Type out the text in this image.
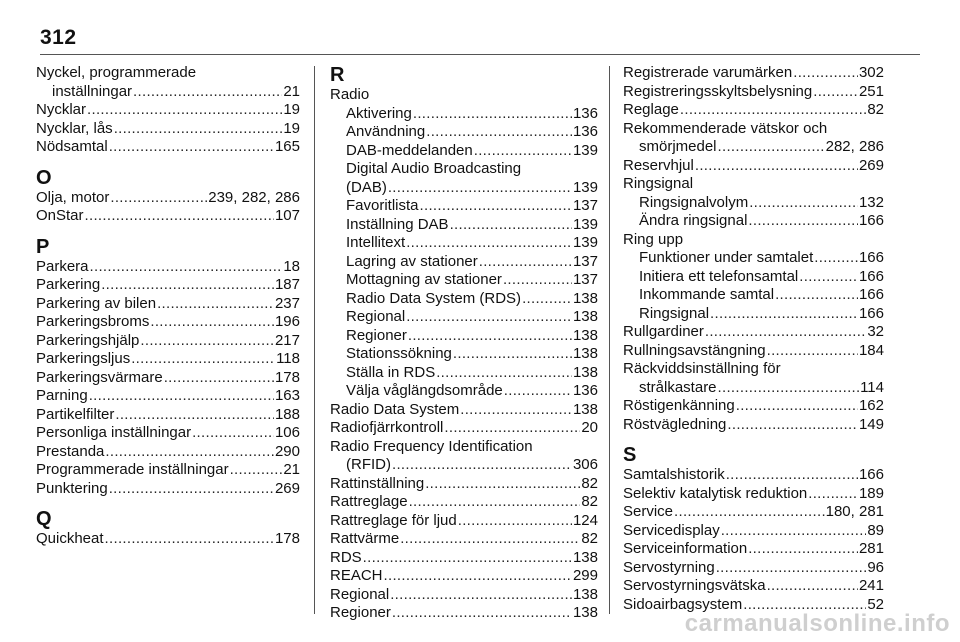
312
Nyckel, programmerade
inställningar .....	21
Nycklar .....	19
Nycklar, lås .....	19
Nödsamtal .....	165
O
Olja, motor .....	239, 282, 286
OnStar .....	107
P
Parkera .....	18
Parkering .....	187
Parkering av bilen .....	237
Parkeringsbroms .....	196
Parkeringshjälp .....	217
Parkeringsljus .....	118
Parkeringsvärmare .....	178
Parning .....	163
Partikelfilter .....	188
Personliga inställningar .....	106
Prestanda .....	290
Programmerade inställningar .....	21
Punktering .....	269
Q
Quickheat .....	178
R
Radio
Aktivering .....	136
Användning .....	136
DAB-meddelanden .....	139
Digital Audio Broadcasting
(DAB) .....	139
Favoritlista .....	137
Inställning DAB .....	139
Intellitext .....	139
Lagring av stationer .....	137
Mottagning av stationer .....	137
Radio Data System (RDS) .....	138
Regional .....	138
Regioner .....	138
Stationssökning .....	138
Ställa in RDS .....	138
Välja våglängdsområde .....	136
Radio Data System .....	138
Radiofjärrkontroll .....	20
Radio Frequency Identification
(RFID) .....	306
Rattinställning .....	82
Rattreglage .....	82
Rattreglage för ljud .....	124
Rattvärme .....	82
RDS .....	138
REACH .....	299
Regional .....	138
Regioner .....	138
Registrerade varumärken .....	302
Registreringsskyltsbelysning .....	251
Reglage .....	82
Rekommenderade vätskor och
smörjmedel .....	282, 286
Reservhjul .....	269
Ringsignal
Ringsignalvolym .....	132
Ändra ringsignal .....	166
Ring upp
Funktioner under samtalet .....	166
Initiera ett telefonsamtal .....	166
Inkommande samtal .....	166
Ringsignal .....	166
Rullgardiner .....	32
Rullningsavstängning .....	184
Räckviddsinställning för
strålkastare .....	114
Röstigenkänning .....	162
Röstvägledning .....	149
S
Samtalshistorik .....	166
Selektiv katalytisk reduktion .....	189
Service .....	180, 281
Servicedisplay .....	89
Serviceinformation .....	281
Servostyrning .....	96
Servostyrningsvätska .....	241
Sidoairbagsystem .....	52
carmanualsonline.info
